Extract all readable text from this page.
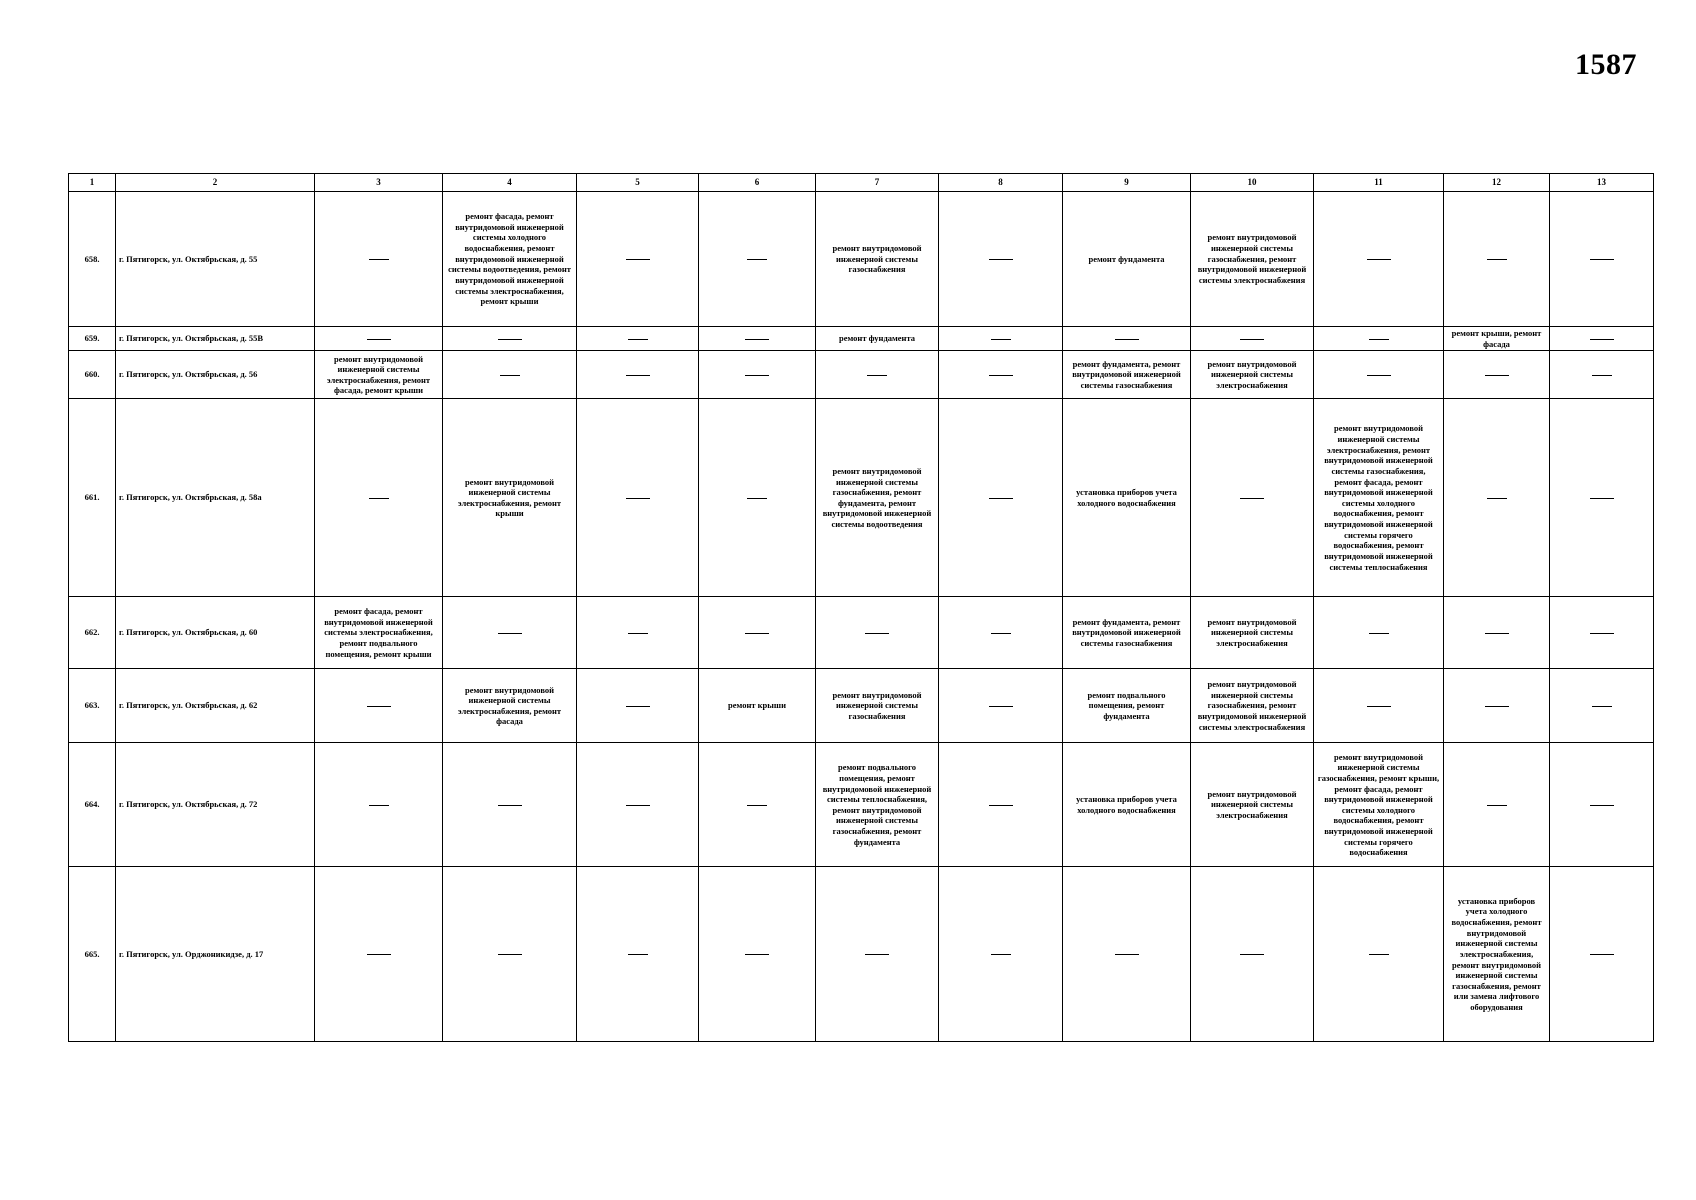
1587
1	2	3	4	5	6	7	8	9	10	11	12	13
658.	г. Пятигорск, ул. Октябрьская, д. 55		ремонт фасада, ремонт внутридомовой инженерной системы холодного водоснабжения, ремонт внутридомовой инженерной системы водоотведения, ремонт внутридомовой инженерной системы электроснабжения, ремонт крыши			ремонт внутридомовой инженерной системы газоснабжения		ремонт фундамента	ремонт внутридомовой инженерной системы газоснабжения, ремонт внутридомовой инженерной системы электроснабжения			
659.	г. Пятигорск, ул. Октябрьская, д. 55В					ремонт фундамента					ремонт крыши, ремонт фасада	
660.	г. Пятигорск, ул. Октябрьская, д. 56	ремонт внутридомовой инженерной системы электроснабжения, ремонт фасада, ремонт крыши						ремонт фундамента, ремонт внутридомовой инженерной системы газоснабжения	ремонт внутридомовой инженерной системы электроснабжения			
661.	г. Пятигорск, ул. Октябрьская, д. 58а		ремонт внутридомовой инженерной системы электроснабжения, ремонт крыши			ремонт внутридомовой инженерной системы газоснабжения, ремонт фундамента, ремонт внутридомовой инженерной системы водоотведения		установка приборов учета холодного водоснабжения		ремонт внутридомовой инженерной системы электроснабжения, ремонт внутридомовой инженерной системы газоснабжения, ремонт фасада, ремонт внутридомовой инженерной системы холодного водоснабжения, ремонт внутридомовой инженерной системы горячего водоснабжения, ремонт внутридомовой инженерной системы теплоснабжения		
662.	г. Пятигорск, ул. Октябрьская, д. 60	ремонт фасада, ремонт внутридомовой инженерной системы электроснабжения, ремонт подвального помещения, ремонт крыши						ремонт фундамента, ремонт внутридомовой инженерной системы газоснабжения	ремонт внутридомовой инженерной системы электроснабжения			
663.	г. Пятигорск, ул. Октябрьская, д. 62		ремонт внутридомовой инженерной системы электроснабжения, ремонт фасада		ремонт крыши	ремонт внутридомовой инженерной системы газоснабжения		ремонт подвального помещения, ремонт фундамента	ремонт внутридомовой инженерной системы газоснабжения, ремонт внутридомовой инженерной системы электроснабжения			
664.	г. Пятигорск, ул. Октябрьская, д. 72					ремонт подвального помещения, ремонт внутридомовой инженерной системы теплоснабжения, ремонт внутридомовой инженерной системы газоснабжения, ремонт фундамента		установка приборов учета холодного водоснабжения	ремонт внутридомовой инженерной системы электроснабжения	ремонт внутридомовой инженерной системы газоснабжения, ремонт крыши, ремонт фасада, ремонт внутридомовой инженерной системы холодного водоснабжения, ремонт внутридомовой инженерной системы горячего водоснабжения		
665.	г. Пятигорск, ул. Орджоникидзе, д. 17										установка приборов учета холодного водоснабжения, ремонт внутридомовой инженерной системы электроснабжения, ремонт внутридомовой инженерной системы газоснабжения, ремонт или замена лифтового оборудования	
